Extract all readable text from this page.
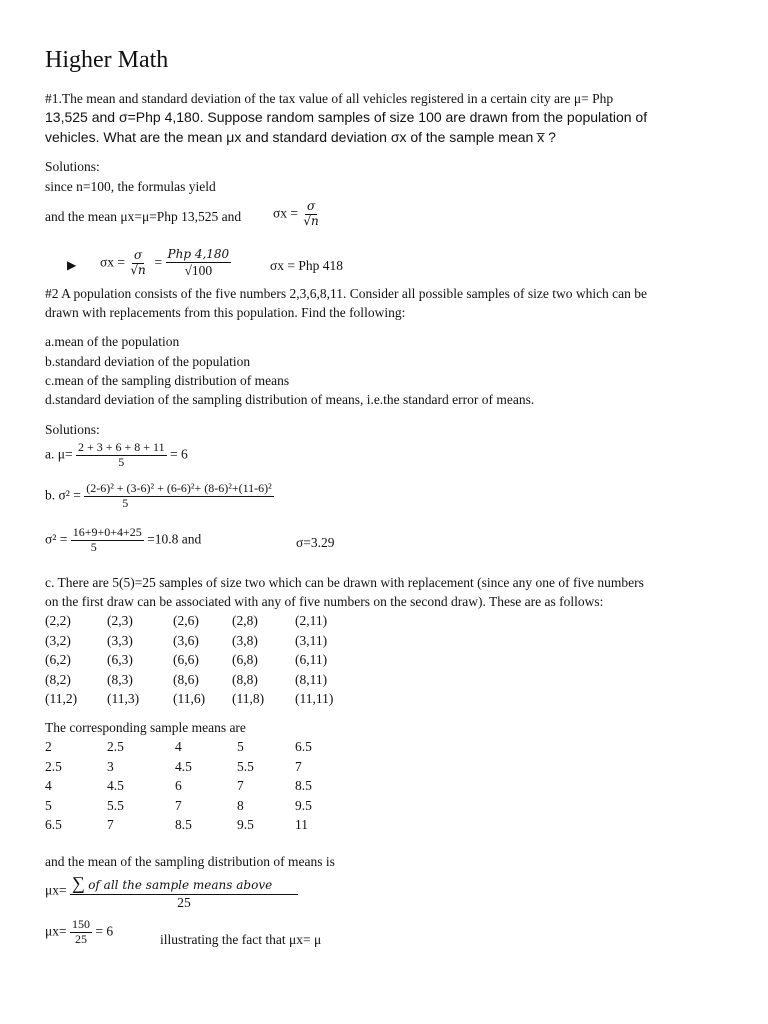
Higher Math
#1.The mean and standard deviation of the tax value of all vehicles registered in a certain city are μ= Php
13,525 and σ=Php 4,180. Suppose random samples of size 100 are drawn from the population of
vehicles. What are the mean μx and standard deviation σx of the sample mean x̅ ?
Solutions:
since n=100, the formulas yield
and the mean μx=μ=Php 13,525 and $\sigma x = \frac{\sigma}{√n}$
▶ $\sigma x = \frac{\sigma}{√n} = \frac{\text{Php 4,180}}{√100}$	σx = Php 418
#2 A population consists of the five numbers 2,3,6,8,11. Consider all possible samples of size two which can be
drawn with replacements from this population. Find the following:
a.mean of the population
b.standard deviation of the population
c.mean of the sampling distribution of means
d.standard deviation of the sampling distribution of means, i.e.the standard error of means.
Solutions:
a. $\mu= \frac{2 + 3 + 6 + 8 + 11}{5} = 6$
b. $\sigma^2 = \frac{\text{(2-6)² + (3-6)² + (6-6)²+ (8-6)²+(11-6)²}}{5}$
$\sigma^2 = \frac{16+9+0+4+25}{5} =10.8$ and	σ=3.29
c. There are 5(5)=25 samples of size two which can be drawn with replacement (since any one of five numbers
on the first draw can be associated with any of five numbers on the second draw). These are as follows:
(2,2)	(2,3)	(2,6) (2,8)	(2,11)
(3,2)	(3,3)	(3,6) (3,8)	(3,11)
(6,2)	(6,3)	(6,6) (6,8)	(6,11)
(8,2)	(8,3)	(8,6) (8,8)	(8,11)
(11,2) (11,3)	(11,6) (11,8) (11,11)
The corresponding sample means are
2	2.5	4	5	6.5
2.5	3	4.5	5.5	7
4	4.5	6	7	8.5
5	5.5	7	8	9.5
6.5	7	8.5	9.5	11
and the mean of the sampling distribution of means is
$\mu x= \frac{\text{∑ of all the sample means above}}{25}$
$\mu x= \frac{150}{25} = 6$
illustrating the fact that μx= μ
